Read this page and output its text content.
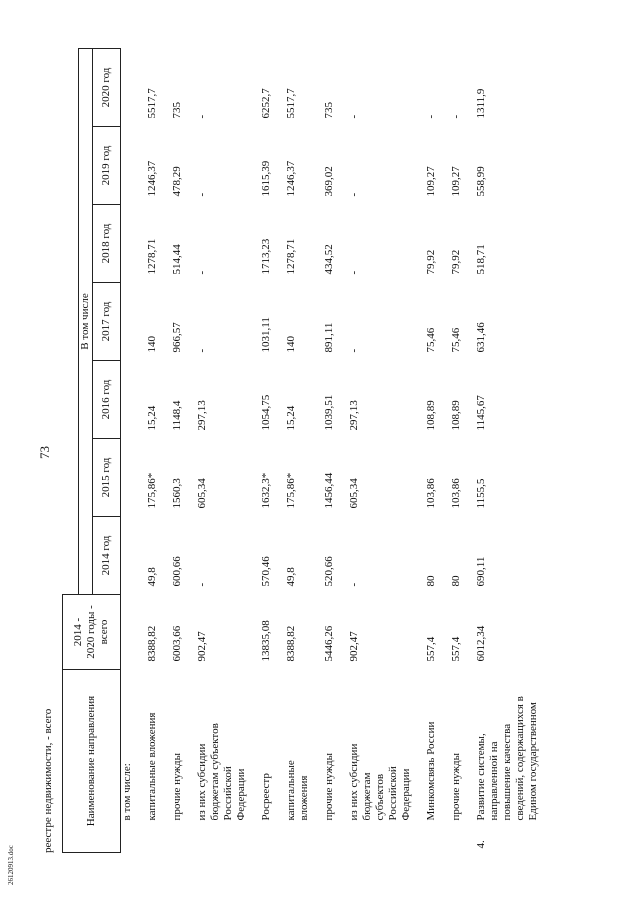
73
26120913.doc
реестре недвижимости, - всего	Наименование направления		2014 - 2020 годы - всего							

			В том числе						
			2014 год	2015 год	2016 год	2017 год	2018 год	2019 год	2020 год

	в том числе:								

	капитальные вложения	8388,82	49,8	175,86*	15,24	140	1278,71	1246,37	5517,7

	прочие нужды	6003,66	600,66	1560,3	1148,4	966,57	514,44	478,29	735

	из них субсидии бюджетам субъектов Российской Федерации	902,47	-	605,34	297,13	-	-	-	-

	Росреестр	13835,08	570,46	1632,3*	1054,75	1031,11	1713,23	1615,39	6252,7

	капитальные вложения	8388,82	49,8	175,86*	15,24	140	1278,71	1246,37	5517,7

	прочие нужды	5446,26	520,66	1456,44	1039,51	891,11	434,52	369,02	735

	из них субсидии бюджетам субъектов Российской Федерации	902,47	-	605,34	297,13	-	-	-	-

	Минкомсвязь России	557,4	80	103,86	108,89	75,46	79,92	109,27	-

	прочие нужды	557,4	80	103,86	108,89	75,46	79,92	109,27	-

4.	Развитие системы, направленной на повышение качества сведений, содержащихся в Едином государственном	6012,34	690,11	1155,5	1145,67	631,46	518,71	558,99	1311,9
